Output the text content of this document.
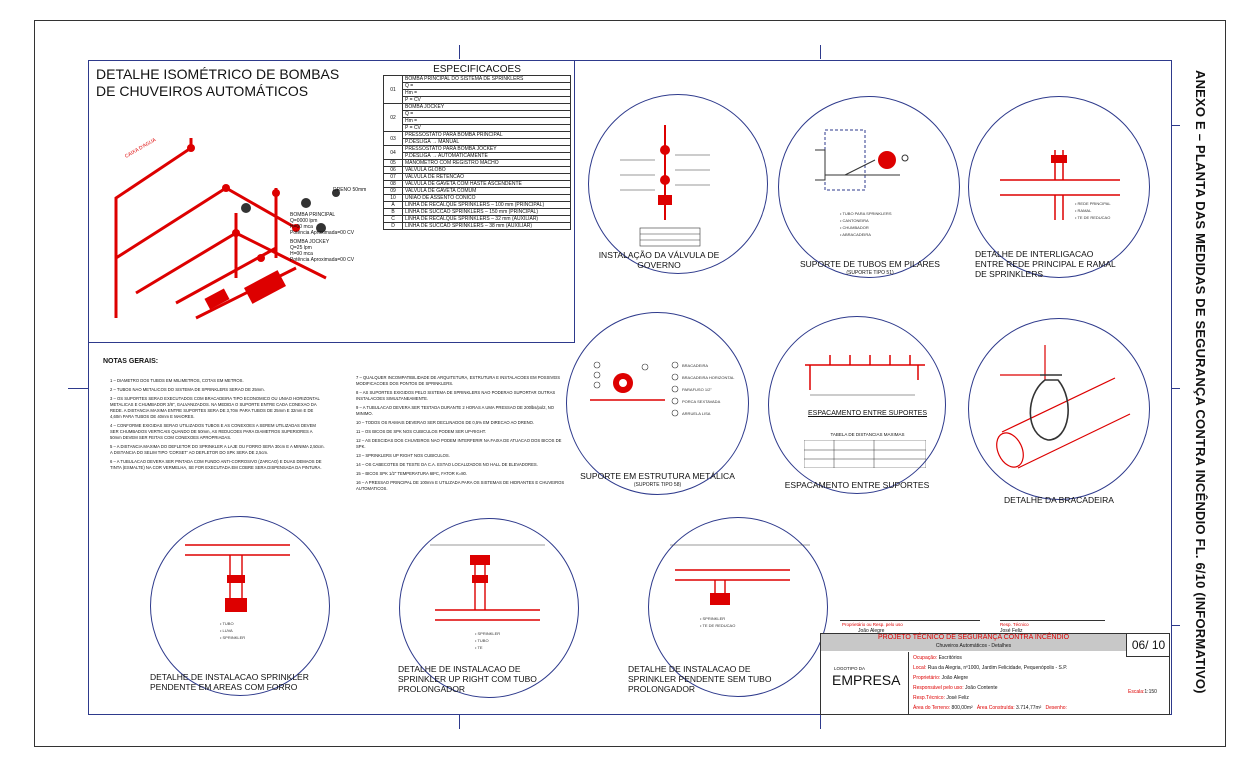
ANEXO E – PLANTA DAS MEDIDAS DE SEGURANÇA CONTRA INCÊNDIO FL. 6/10 (INFORMATIVO)
DETALHE ISOMÉTRICO DE BOMBAS
DE CHUVEIROS AUTOMÁTICOS
CAIXA D'AGUA
BOMBA PRINCIPAL
Q=0000 lpm
H=00 mca
Potência Aproximada=00 CV
BOMBA JOCKEY
Q=25 lpm
H=00 mca
Potência Aproximada=00 CV
DRENO 50mm
ESPECIFICACOES
01	BOMBA PRINCIPAL DO SISTEMA DE SPRINKLERS
	Q =
	Hm =
	P = CV
02	BOMBA JOCKEY
	Q =
	Hm =
	P = CV
03	PRESSOSTATO PARA BOMBA PRINCIPAL
	P.DESLIGA → MANUAL
04	PRESSOSTATO PARA BOMBA JOCKEY
	P.DESLIGA → AUTOMATICAMENTE
05	MANOMETRO COM REGISTRO MACHO
06	VALVULA GLOBO
07	VALVULA DE RETENCAO
08	VALVULA DE GAVETA COM HASTE ASCENDENTE
09	VALVULA DE GAVETA COMUM
10	UNIAO DE ASSENTO CONICO
A	LINHA DE RECALQUE SPRINKLERS – 100 mm (PRINCIPAL)
B	LINHA DE SUCCAO SPRINKLERS – 150 mm (PRINCIPAL)
C	LINHA DE RECALQUE SPRINKLERS – 32 mm (AUXILIAR)
D	LINHA DE SUCCAO SPRINKLERS – 38 mm (AUXILIAR)
NOTAS GERAIS:
1 – DIAMETRO DOS TUBOS EM MILIMETROS, COTAS EM METROS.
2 – TUBOS NAO METALICOS DO SISTEMA DE SPRINKLERS SERAO DE 25mm.
3 – OS SUPORTES SERAO EXECUTADOS COM BRACADEIRA TIPO ECONOMICO OU UNIAO HORIZONTAL METALICAS E CHUMBADOR 3/8", GALVANIZADOS. NA MEDIDA O SUPORTE ENTRE CADA CONEXAO DA REDE. A DISTANCIA MAXIMA ENTRE SUPORTES SERA DE 3,70m PARA TUBOS DE 25mm E 32mm E DE 4,60m PARA TUBOS DE 40mm E MAIORES.
4 – CONFORME EXIGIDAS SERAO UTILIZADOS TUBOS E AS CONEXOES A SEREM UTILIZADAS DEVEM SER CHUMBADOS VERTICAIS QUANDO DE 50mm, AS REDUCOES PARA DIAMETROS SUPERIORES A 50mm DEVEM SER FEITAS COM CONEXOES APROPRIADAS.
5 – A DISTANCIA MAXIMA DO DEFLETOR DO SPRINKLER A LAJE OU FORRO SERA 30cm E A MINIMA 2,50cm. A DISTANCIA DO SELIM TIPO 'CORSET' AO DEFLETOR DO SPK SERA DE 2,5cm.
6 – A TUBULACAO DEVERA SER PINTADA COM FUNDO ANTI-CORROSIVO (ZARCAO) E DUAS DEMAOS DE TINTA (ESMALTE) NA COR VERMELHA, SE FOR EXECUTADA EM COBRE SERA DISPENSADA DA PINTURA.
7 – QUALQUER INCOMPATIBILIDADE DE ARQUITETURA, ESTRUTURA E INSTALACOES EM POSSIVEIS MODIFICACOES DOS PONTOS DE SPRINKLERS.
8 – AS SUPORTES EXIGIDOS PELO SISTEMA DE SPRINKLERS NAO PODERAO SUPORTAR OUTRAS INSTALACOES SIMULTANEAMENTE.
9 – A TUBULACAO DEVERA SER TESTADA DURANTE 2 HORAS A UMA PRESSAO DE 200lbs/pol2, NO MINIMO.
10 – TODOS OS RAMAIS DEVERAO SER DECLINADOS DE 0,5% EM DIRECAO AO DRENO.
11 – OS BICOS DE SPK NOS CUBICULOS PODEM SER UP-RIGHT.
12 – AS DESCIDAS DOS CHUVEIROS NAO PODEM INTERFERIR NA FAIXA DE ATUACAO DOS BICOS DE SPK.
13 – SPRINKLERS UP RIGHT NOS CUBICULOS.
14 – OS CABECOTES DE TESTE DA C.A. ESTAO LOCALIZADOS NO HALL DE ELEVADORES.
15 – BICOS SPK 1/2" TEMPERATURA 68ºC, FATOR K=80.
16 – A PRESSAO PRINCIPAL DE 100mm E UTILIZADA PARA OS SISTEMAS DE HIDRANTES E CHUVEIROS AUTOMATICOS.
INSTALAÇÃO DA VÁLVULA DE GOVERNO
• TUBO PARA SPRINKLERS
• CANTONEIRA
• CHUMBADOR
• ABRACADEIRA
SUPORTE DE TUBOS EM PILARES
(SUPORTE TIPO 51)
• REDE PRINCIPAL
• RAMAL
• TE DE REDUCAO
DETALHE DE INTERLIGACAO ENTRE REDE PRINCIPAL E RAMAL DE SPRINKLERS
BRACADEIRA
BRACADEIRA HORIZONTAL
PARAFUSO 1/2"
PORCA SEXTAVADA
ARRUELA LISA
SUPORTE EM ESTRUTURA METÁLICA
(SUPORTE TIPO 58)
ESPACAMENTO ENTRE SUPORTES
TABELA DE DISTANCIAS MAXIMAS
ESPACAMENTO ENTRE SUPORTES
DETALHE DA BRACADEIRA
• TUBO
• LUVA
• SPRINKLER
DETALHE DE INSTALACAO SPRINKLER PENDENTE EM AREAS COM FORRO
• SPRINKLER
• TUBO
• TE
DETALHE DE INSTALACAO DE SPRINKLER UP RIGHT COM TUBO PROLONGADOR
• SPRINKLER
• TE DE REDUCAO
DETALHE DE INSTALACAO DE SPRINKLER PENDENTE SEM TUBO PROLONGADOR
Proprietário ou Resp. pelo uso
João Alegre
Resp. Técnico
José Feliz
PROJETO TÉCNICO DE SEGURANÇA CONTRA INCÊNDIO
Chuveiros Automáticos - Detalhes	06/ 10
LOGOTIPO DA
EMPRESA
Ocupação: Escritórios
Local: Rua da Alegria, nº1000, Jardim Felicidade, Pequenópolis - S.P.
Proprietário: João Alegre
Responsável pelo uso: João Contente
Resp.Técnico: José Feliz
Área do Terreno: 800,00m² Área Construída: 3.714,77m² Desenho:
Escala:1:150
